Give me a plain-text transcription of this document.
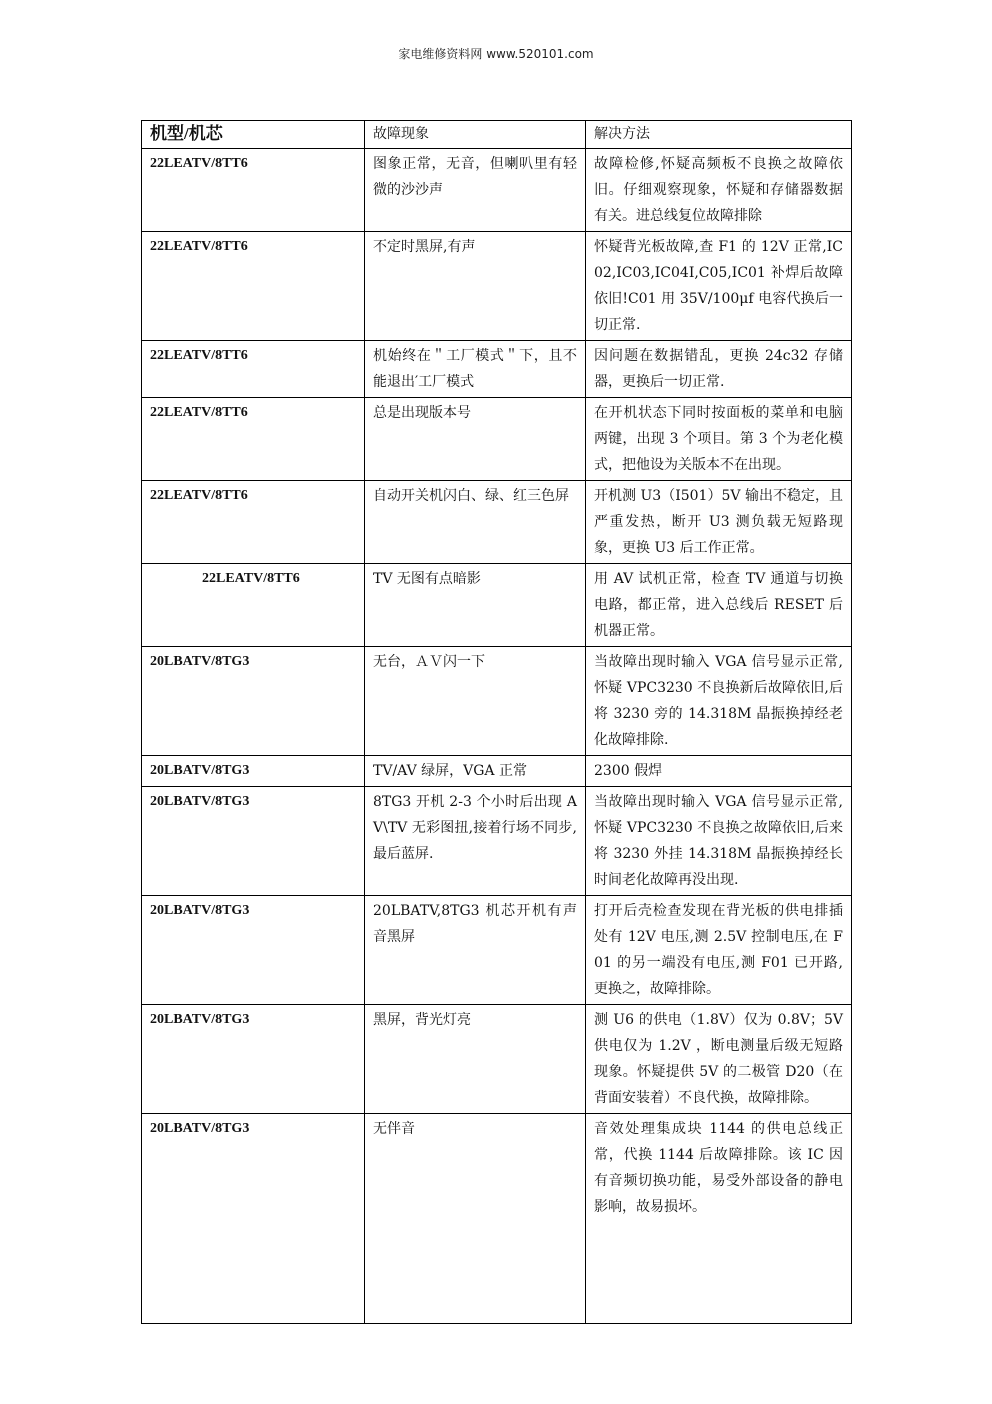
家电维修资料网 www.520101.com
机型/机芯	故障现象	解决方法
22LEATV/8TT6	图象正常，无音，但喇叭里有轻微的沙沙声	故障检修,怀疑高频板不良换之故障依旧。仔细观察现象，怀疑和存储器数据有关。进总线复位故障排除
22LEATV/8TT6	不定时黑屏,有声	怀疑背光板故障,查 F1 的 12V 正常,IC02,IC03,IC04I,C05,IC01 补焊后故障依旧!C01 用 35V/100μf 电容代换后一切正常.
22LEATV/8TT6	机始终在＂工厂模式＂下，且不能退出′工厂模式	因问题在数据错乱，更换 24c32 存储器，更换后一切正常.
22LEATV/8TT6	总是出现版本号	在开机状态下同时按面板的菜单和电脑两键，出现 3 个项目。第 3 个为老化模式，把他设为关版本不在出现。
22LEATV/8TT6	自动开关机闪白、绿、红三色屏	开机测 U3（I501）5V 输出不稳定，且严重发热，断开 U3 测负载无短路现象，更换 U3 后工作正常。
22LEATV/8TT6	TV 无图有点暗影	用 AV 试机正常，检查 TV 通道与切换电路，都正常，进入总线后 RESET 后机器正常。
20LBATV/8TG3	无台，ＡＶ闪一下	当故障出现时输入 VGA 信号显示正常,怀疑 VPC3230 不良换新后故障依旧,后将 3230 旁的 14.318M 晶振换掉经老化故障排除.
20LBATV/8TG3	TV/AV 绿屏，VGA 正常	2300 假焊
20LBATV/8TG3	8TG3 开机 2-3 个小时后出现 AV\TV 无彩图扭,接着行场不同步,最后蓝屏.	当故障出现时输入 VGA 信号显示正常,怀疑 VPC3230 不良换之故障依旧,后来将 3230 外挂 14.318M 晶振换掉经长时间老化故障再没出现.
20LBATV/8TG3	20LBATV,8TG3 机芯开机有声音黑屏	打开后壳检查发现在背光板的供电排插处有 12V 电压,测 2.5V 控制电压,在 F01 的另一端没有电压,测 F01 已开路,更换之，故障排除。
20LBATV/8TG3	黑屏，背光灯亮	测 U6 的供电（1.8V）仅为 0.8V；5V 供电仅为 1.2V ，断电测量后级无短路现象。怀疑提供 5V 的二极管 D20（在背面安装着）不良代换，故障排除。
20LBATV/8TG3	无伴音	音效处理集成块 1144 的供电总线正常，代换 1144 后故障排除。该 IC 因有音频切换功能，易受外部设备的静电影响，故易损坏。
